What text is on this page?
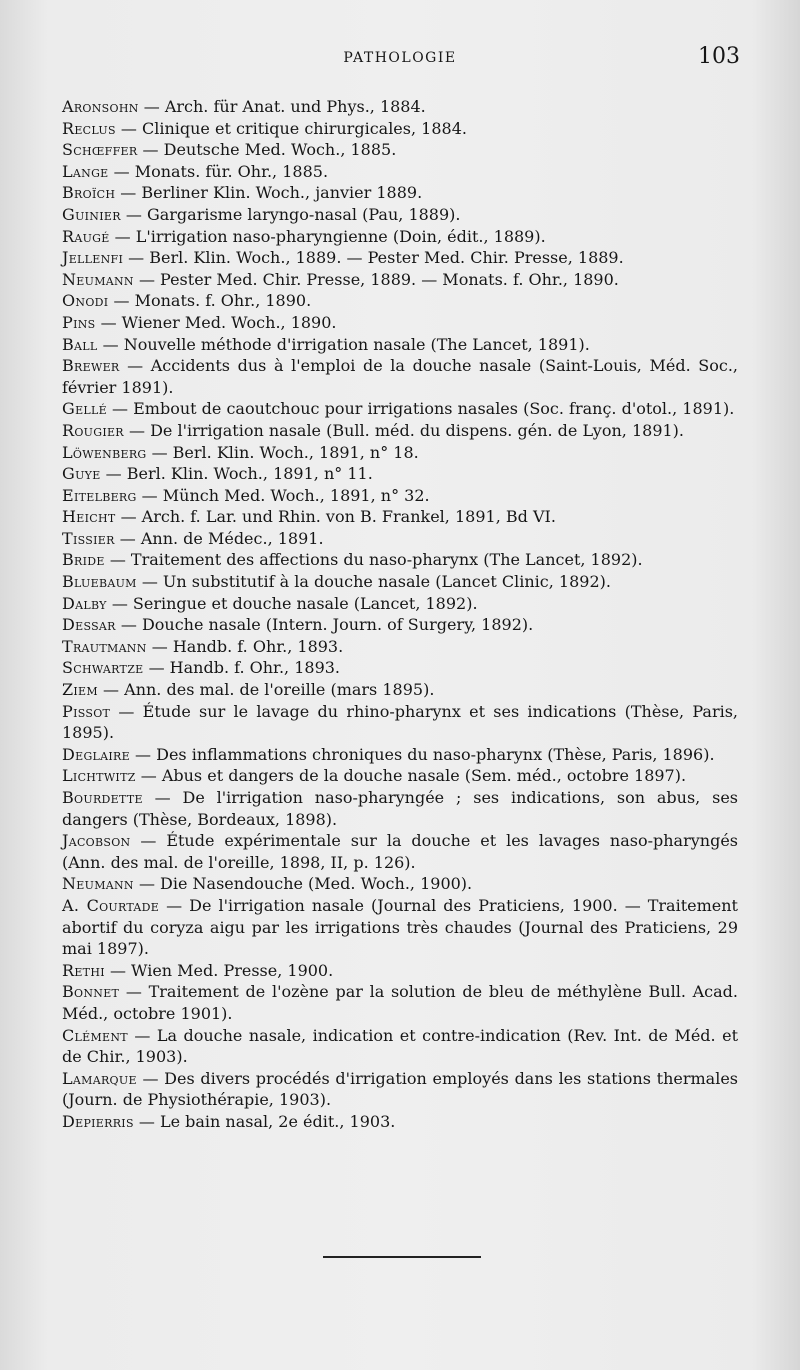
PATHOLOGIE	103

Aronsohn — Arch. für Anat. und Phys., 1884.

Reclus — Clinique et critique chirurgicales, 1884.

Schœffer — Deutsche Med. Woch., 1885.

Lange — Monats. für. Ohr., 1885.

Broïch — Berliner Klin. Woch., janvier 1889.

Guinier — Gargarisme laryngo-nasal (Pau, 1889).

Raugé — L'irrigation naso-pharyngienne (Doin, édit., 1889).

Jellenfi — Berl. Klin. Woch., 1889. — Pester Med. Chir. Presse, 1889.

Neumann — Pester Med. Chir. Presse, 1889. — Monats. f. Ohr., 1890.

Onodi — Monats. f. Ohr., 1890.

Pins — Wiener Med. Woch., 1890.

Ball — Nouvelle méthode d'irrigation nasale (The Lancet, 1891).

Brewer — Accidents dus à l'emploi de la douche nasale (Saint-Louis, Méd. Soc., février 1891).

Gellé — Embout de caoutchouc pour irrigations nasales (Soc. franç. d'otol., 1891).

Rougier — De l'irrigation nasale (Bull. méd. du dispens. gén. de Lyon, 1891).

Löwenberg — Berl. Klin. Woch., 1891, n° 18.

Guye — Berl. Klin. Woch., 1891, n° 11.

Eitelberg — Münch Med. Woch., 1891, n° 32.

Heicht — Arch. f. Lar. und Rhin. von B. Frankel, 1891, Bd VI.

Tissier — Ann. de Médec., 1891.

Bride — Traitement des affections du naso-pharynx (The Lancet, 1892).

Bluebaum — Un substitutif à la douche nasale (Lancet Clinic, 1892).

Dalby — Seringue et douche nasale (Lancet, 1892).

Dessar — Douche nasale (Intern. Journ. of Surgery, 1892).

Trautmann — Handb. f. Ohr., 1893.

Schwartze — Handb. f. Ohr., 1893.

Ziem — Ann. des mal. de l'oreille (mars 1895).

Pissot — Étude sur le lavage du rhino-pharynx et ses indications (Thèse, Paris, 1895).

Deglaire — Des inflammations chroniques du naso-pharynx (Thèse, Paris, 1896).

Lichtwitz — Abus et dangers de la douche nasale (Sem. méd., octobre 1897).

Bourdette — De l'irrigation naso-pharyngée ; ses indications, son abus, ses dangers (Thèse, Bordeaux, 1898).

Jacobson — Étude expérimentale sur la douche et les lavages naso-pharyngés (Ann. des mal. de l'oreille, 1898, II, p. 126).

Neumann — Die Nasendouche (Med. Woch., 1900).

A. Courtade — De l'irrigation nasale (Journal des Praticiens, 1900. — Traitement abortif du coryza aigu par les irrigations très chaudes (Journal des Praticiens, 29 mai 1897).

Rethi — Wien Med. Presse, 1900.

Bonnet — Traitement de l'ozène par la solution de bleu de méthylène Bull. Acad. Méd., octobre 1901).

Clément — La douche nasale, indication et contre-indication (Rev. Int. de Méd. et de Chir., 1903).

Lamarque — Des divers procédés d'irrigation employés dans les stations thermales (Journ. de Physiothérapie, 1903).

Depierris — Le bain nasal, 2e édit., 1903.
